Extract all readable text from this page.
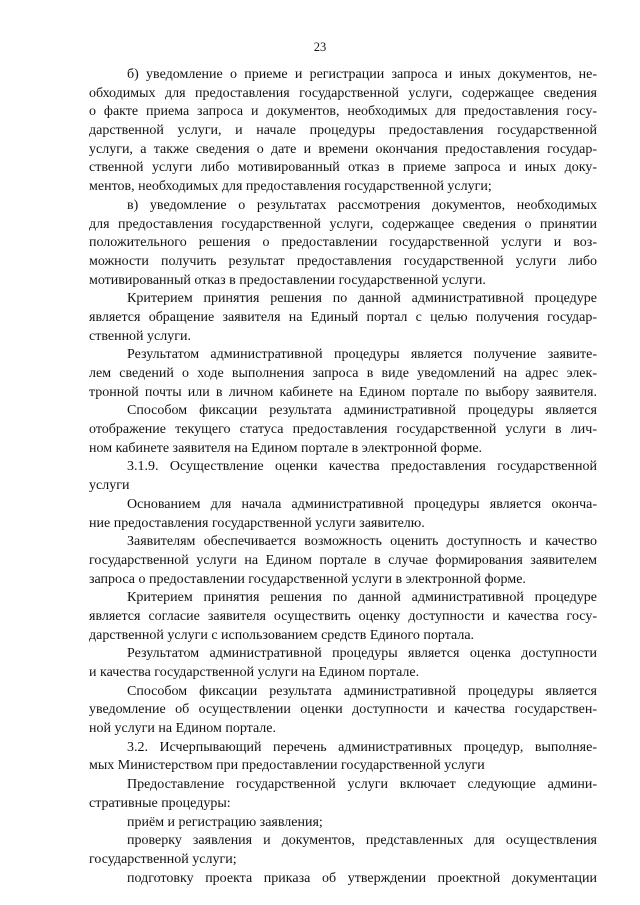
23
б) уведомление о приеме и регистрации запроса и иных документов, не-
обходимых для предоставления государственной услуги, содержащее сведения
о факте приема запроса и документов, необходимых для предоставления госу-
дарственной услуги, и начале процедуры предоставления государственной
услуги, а также сведения о дате и времени окончания предоставления государ-
ственной услуги либо мотивированный отказ в приеме запроса и иных доку-
ментов, необходимых для предоставления государственной услуги;
в) уведомление о результатах рассмотрения документов, необходимых
для предоставления государственной услуги, содержащее сведения о принятии
положительного решения о предоставлении государственной услуги и воз-
можности получить результат предоставления государственной услуги либо
мотивированный отказ в предоставлении государственной услуги.
Критерием принятия решения по данной административной процедуре
является обращение заявителя на Единый портал с целью получения государ-
ственной услуги.
Результатом административной процедуры является получение заявите-
лем сведений о ходе выполнения запроса в виде уведомлений на адрес элек-
тронной почты или в личном кабинете на Едином портале по выбору заявителя.
Способом фиксации результата административной процедуры является
отображение текущего статуса предоставления государственной услуги в лич-
ном кабинете заявителя на Едином портале в электронной форме.
3.1.9. Осуществление оценки качества предоставления государственной
услуги
Основанием для начала административной процедуры является оконча-
ние предоставления государственной услуги заявителю.
Заявителям обеспечивается возможность оценить доступность и качество
государственной услуги на Едином портале в случае формирования заявителем
запроса о предоставлении государственной услуги в электронной форме.
Критерием принятия решения по данной административной процедуре
является согласие заявителя осуществить оценку доступности и качества госу-
дарственной услуги с использованием средств Единого портала.
Результатом административной процедуры является оценка доступности
и качества государственной услуги на Едином портале.
Способом фиксации результата административной процедуры является
уведомление об осуществлении оценки доступности и качества государствен-
ной услуги на Едином портале.
3.2. Исчерпывающий перечень административных процедур, выполняе-
мых Министерством при предоставлении государственной услуги
Предоставление государственной услуги включает следующие админи-
стративные процедуры:
приём и регистрацию заявления;
проверку заявления и документов, представленных для осуществления
государственной услуги;
подготовку проекта приказа об утверждении проектной документации
